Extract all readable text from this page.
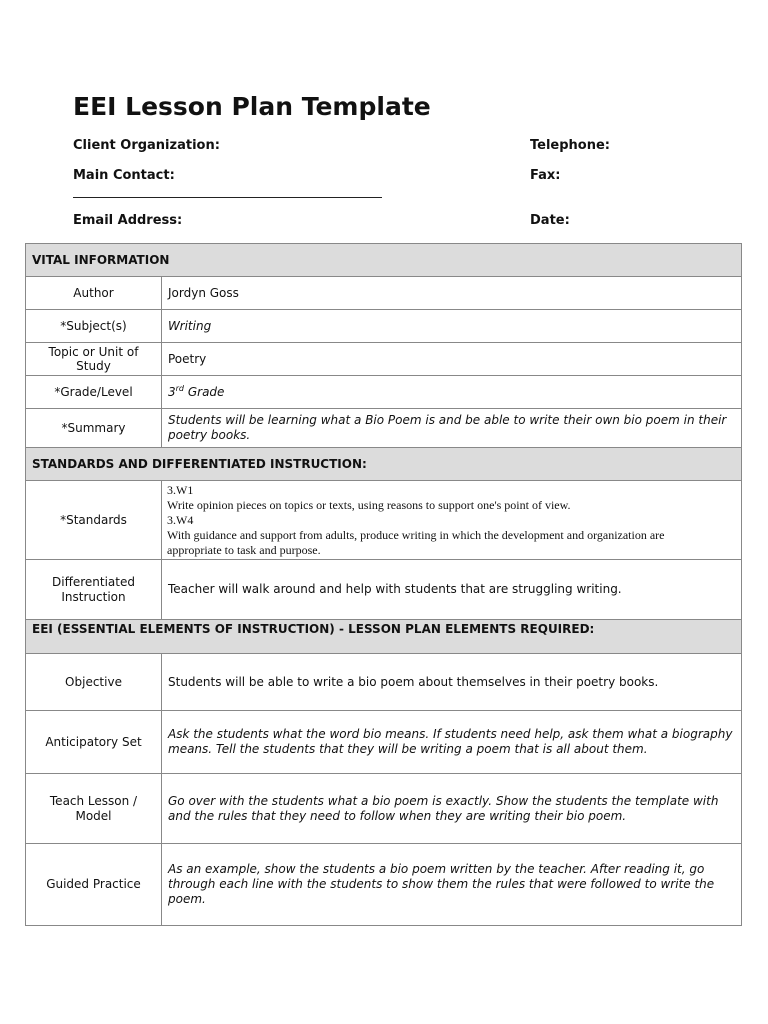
EEI Lesson Plan Template
Client Organization:	Telephone:
Main Contact:	Fax:
Email Address:	Date:
VITAL INFORMATION	
Author	Jordyn Goss
*Subject(s)	Writing
Topic or Unit of Study	Poetry
*Grade/Level	3rd Grade
*Summary	Students will be learning what a Bio Poem is and be able to write their own bio poem in their poetry books.
STANDARDS AND DIFFERENTIATED INSTRUCTION:	
*Standards	3.W1
Write opinion pieces on topics or texts, using reasons to support one's point of view.
3.W4
With guidance and support from adults, produce writing in which the development and organization are
appropriate to task and purpose.

Differentiated Instruction	Teacher will walk around and help with students that are struggling writing.

EEI (ESSENTIAL ELEMENTS OF INSTRUCTION) - LESSON PLAN ELEMENTS REQUIRED:	

Objective	Students will be able to write a bio poem about themselves in their poetry books.
Anticipatory Set	Ask the students what the word bio means. If students need help, ask them what a biography means. Tell the students that they will be writing a poem that is all about them.
Teach Lesson / Model	Go over with the students what a bio poem is exactly. Show the students the template with and the rules that they need to follow when they are writing their bio poem.
Guided Practice	As an example, show the students a bio poem written by the teacher. After reading it, go through each line with the students to show them the rules that were followed to write the poem.
